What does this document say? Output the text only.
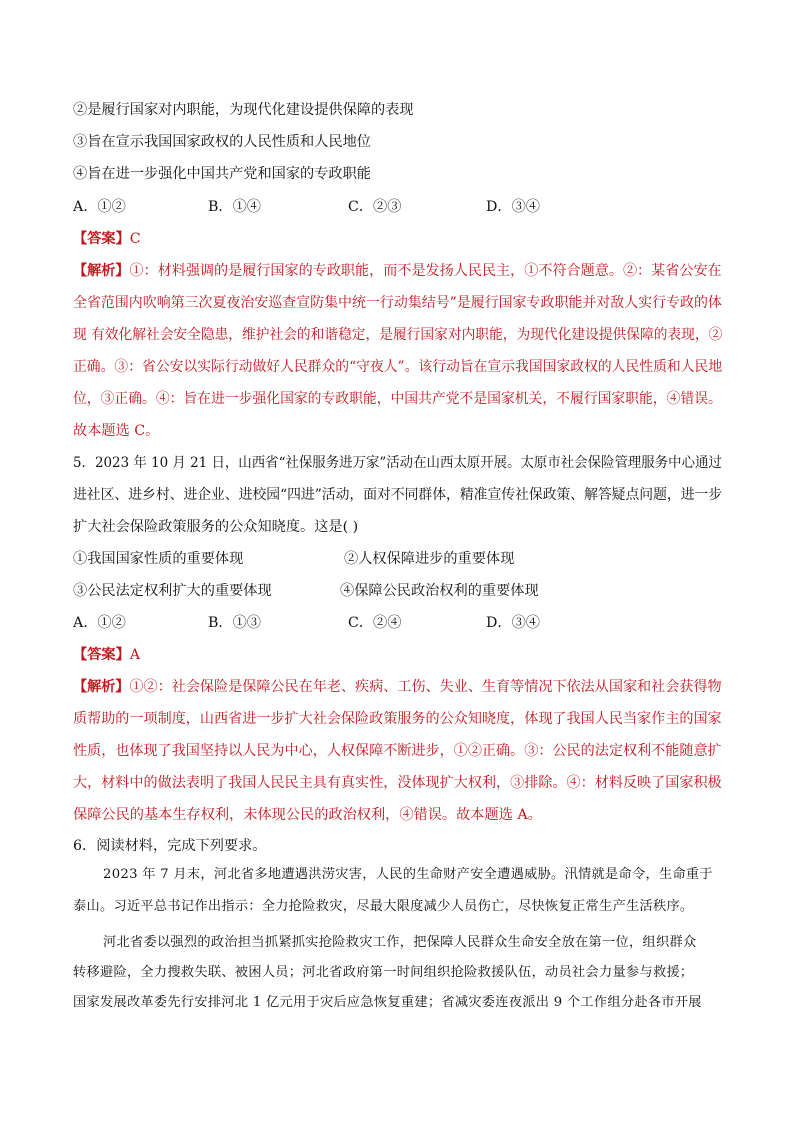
②是履行国家对内职能，为现代化建设提供保障的表现
③旨在宣示我国国家政权的人民性质和人民地位
④旨在进一步强化中国共产党和国家的专政职能
A．①②	B．①④	C．②③	D．③④
【答案】C
【解析】①：材料强调的是履行国家的专政职能，而不是发扬人民民主，①不符合题意。②：某省公安在
全省范围内吹响第三次夏夜治安巡查宣防集中统一行动集结号”是履行国家专政职能并对敌人实行专政的体
现 有效化解社会安全隐患，维护社会的和谐稳定，是履行国家对内职能，为现代化建设提供保障的表现，②
正确。③：省公安以实际行动做好人民群众的“守夜人”。该行动旨在宣示我国国家政权的人民性质和人民地
位，③正确。④：旨在进一步强化国家的专政职能，中国共产党不是国家机关，不履行国家职能，④错误。
故本题选 C。
5．2023 年 10 月 21 日，山西省“社保服务进万家”活动在山西太原开展。太原市社会保险管理服务中心通过
进社区、进乡村、进企业、进校园“四进”活动，面对不同群体，精准宣传社保政策、解答疑点问题，进一步
扩大社会保险政策服务的公众知晓度。这是( )
①我国国家性质的重要体现	②人权保障进步的重要体现
③公民法定权利扩大的重要体现	④保障公民政治权利的重要体现
A．①②	B．①③	C．②④	D．③④
【答案】A
【解析】①②：社会保险是保障公民在年老、疾病、工伤、失业、生育等情况下依法从国家和社会获得物
质帮助的一项制度，山西省进一步扩大社会保险政策服务的公众知晓度，体现了我国人民当家作主的国家
性质，也体现了我国坚持以人民为中心，人权保障不断进步，①②正确。③：公民的法定权利不能随意扩
大，材料中的做法表明了我国人民民主具有真实性，没体现扩大权利，③排除。④：材料反映了国家积极
保障公民的基本生存权利，未体现公民的政治权利，④错误。故本题选 A。
6．阅读材料，完成下列要求。
2023 年 7 月末，河北省多地遭遇洪涝灾害，人民的生命财产安全遭遇威胁。汛情就是命令，生命重于
泰山。习近平总书记作出指示：全力抢险救灾，尽最大限度减少人员伤亡，尽快恢复正常生产生活秩序。
河北省委以强烈的政治担当抓紧抓实抢险救灾工作，把保障人民群众生命安全放在第一位，组织群众
转移避险，全力搜救失联、被困人员；河北省政府第一时间组织抢险救援队伍，动员社会力量参与救援；
国家发展改革委先行安排河北 1 亿元用于灾后应急恢复重建；省减灾委连夜派出 9 个工作组分赴各市开展
